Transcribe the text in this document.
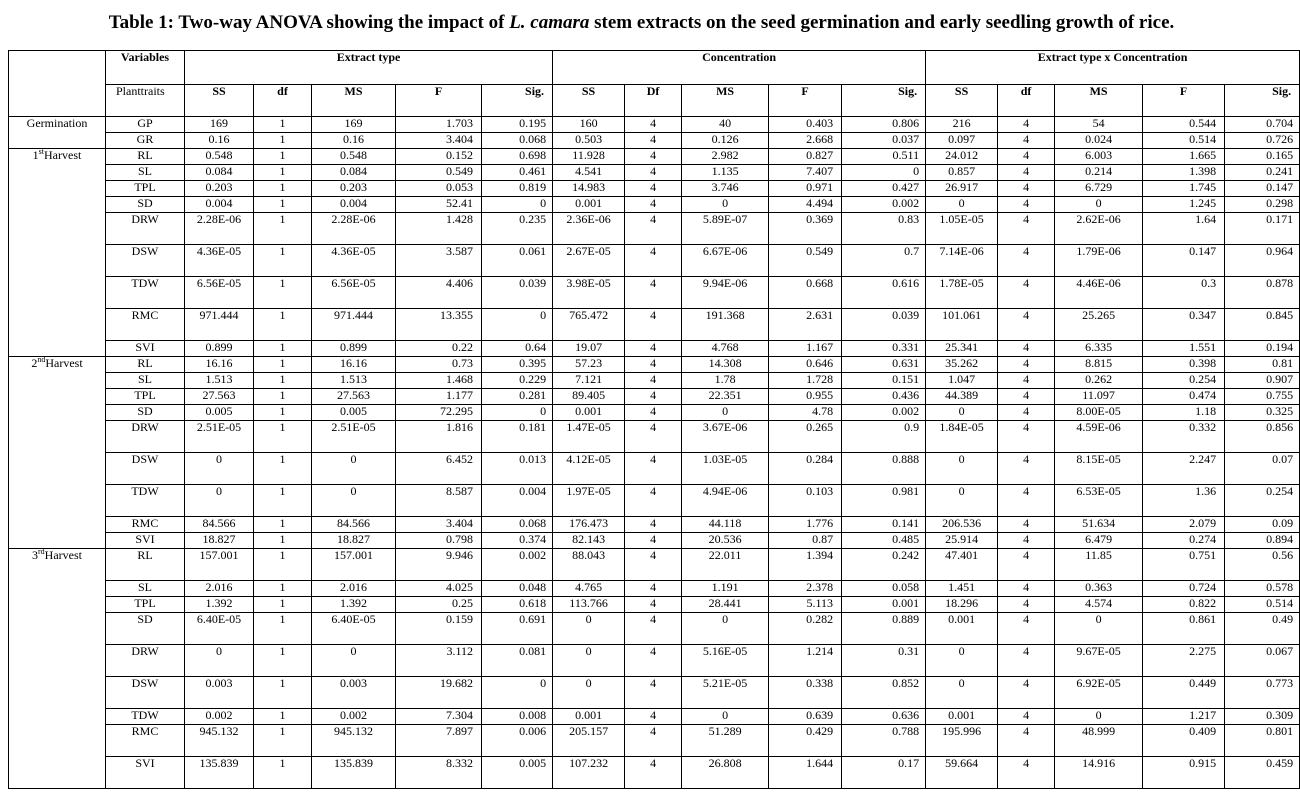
Table 1: Two-way ANOVA showing the impact of L. camara stem extracts on the seed germination and early seedling growth of rice.
	Variables	Extract type					Concentration					Extract type x Concentration				
	Planttraits	SS	df	MS	F	Sig.	SS	Df	MS	F	Sig.	SS	df	MS	F	Sig.
Germination	GP	169	1	169	1.703	0.195	160	4	40	0.403	0.806	216	4	54	0.544	0.704
	GR	0.16	1	0.16	3.404	0.068	0.503	4	0.126	2.668	0.037	0.097	4	0.024	0.514	0.726
1stHarvest	RL	0.548	1	0.548	0.152	0.698	11.928	4	2.982	0.827	0.511	24.012	4	6.003	1.665	0.165
	SL	0.084	1	0.084	0.549	0.461	4.541	4	1.135	7.407	0	0.857	4	0.214	1.398	0.241
	TPL	0.203	1	0.203	0.053	0.819	14.983	4	3.746	0.971	0.427	26.917	4	6.729	1.745	0.147
	SD	0.004	1	0.004	52.41	0	0.001	4	0	4.494	0.002	0	4	0	1.245	0.298
	DRW	2.28E-06	1	2.28E-06	1.428	0.235	2.36E-06	4	5.89E-07	0.369	0.83	1.05E-05	4	2.62E-06	1.64	0.171
	DSW	4.36E-05	1	4.36E-05	3.587	0.061	2.67E-05	4	6.67E-06	0.549	0.7	7.14E-06	4	1.79E-06	0.147	0.964
	TDW	6.56E-05	1	6.56E-05	4.406	0.039	3.98E-05	4	9.94E-06	0.668	0.616	1.78E-05	4	4.46E-06	0.3	0.878
	RMC	971.444	1	971.444	13.355	0	765.472	4	191.368	2.631	0.039	101.061	4	25.265	0.347	0.845
	SVI	0.899	1	0.899	0.22	0.64	19.07	4	4.768	1.167	0.331	25.341	4	6.335	1.551	0.194
2ndHarvest	RL	16.16	1	16.16	0.73	0.395	57.23	4	14.308	0.646	0.631	35.262	4	8.815	0.398	0.81
	SL	1.513	1	1.513	1.468	0.229	7.121	4	1.78	1.728	0.151	1.047	4	0.262	0.254	0.907
	TPL	27.563	1	27.563	1.177	0.281	89.405	4	22.351	0.955	0.436	44.389	4	11.097	0.474	0.755
	SD	0.005	1	0.005	72.295	0	0.001	4	0	4.78	0.002	0	4	8.00E-05	1.18	0.325
	DRW	2.51E-05	1	2.51E-05	1.816	0.181	1.47E-05	4	3.67E-06	0.265	0.9	1.84E-05	4	4.59E-06	0.332	0.856
	DSW	0	1	0	6.452	0.013	4.12E-05	4	1.03E-05	0.284	0.888	0	4	8.15E-05	2.247	0.07
	TDW	0	1	0	8.587	0.004	1.97E-05	4	4.94E-06	0.103	0.981	0	4	6.53E-05	1.36	0.254
	RMC	84.566	1	84.566	3.404	0.068	176.473	4	44.118	1.776	0.141	206.536	4	51.634	2.079	0.09
	SVI	18.827	1	18.827	0.798	0.374	82.143	4	20.536	0.87	0.485	25.914	4	6.479	0.274	0.894
3rdHarvest	RL	157.001	1	157.001	9.946	0.002	88.043	4	22.011	1.394	0.242	47.401	4	11.85	0.751	0.56
	SL	2.016	1	2.016	4.025	0.048	4.765	4	1.191	2.378	0.058	1.451	4	0.363	0.724	0.578
	TPL	1.392	1	1.392	0.25	0.618	113.766	4	28.441	5.113	0.001	18.296	4	4.574	0.822	0.514
	SD	6.40E-05	1	6.40E-05	0.159	0.691	0	4	0	0.282	0.889	0.001	4	0	0.861	0.49
	DRW	0	1	0	3.112	0.081	0	4	5.16E-05	1.214	0.31	0	4	9.67E-05	2.275	0.067
	DSW	0.003	1	0.003	19.682	0	0	4	5.21E-05	0.338	0.852	0	4	6.92E-05	0.449	0.773
	TDW	0.002	1	0.002	7.304	0.008	0.001	4	0	0.639	0.636	0.001	4	0	1.217	0.309
	RMC	945.132	1	945.132	7.897	0.006	205.157	4	51.289	0.429	0.788	195.996	4	48.999	0.409	0.801
	SVI	135.839	1	135.839	8.332	0.005	107.232	4	26.808	1.644	0.17	59.664	4	14.916	0.915	0.459
